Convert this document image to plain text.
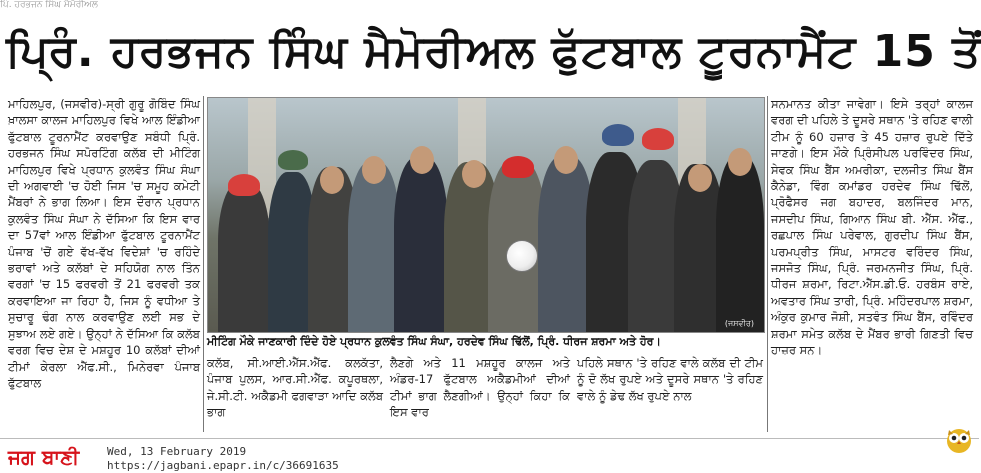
ਪਿੰ. ਹਰਭਜਨ ਸਿੰਘ ਮੈਮੋਰੀਅਲ
ਪ੍ਰਿੰ. ਹਰਭਜਨ ਸਿੰਘ ਮੈਮੋਰੀਅਲ ਫੁੱਟਬਾਲ ਟੂਰਨਾਮੈਂਟ 15 ਤੋਂ
ਮਾਹਿਲਪੁਰ, (ਜਸਵੀਰ)-ਸ੍ਰੀ ਗੁਰੂ ਗੋਬਿੰਦ ਸਿੰਘ ਖ਼ਾਲਸਾ ਕਾਲਜ ਮਾਹਿਲਪੁਰ ਵਿਖੇ ਆਲ ਇੰਡੀਆ ਫੁੱਟਬਾਲ ਟੂਰਨਾਮੈਂਟ ਕਰਵਾਉਣ ਸਬੰਧੀ ਪ੍ਰਿੰ. ਹਰਭਜਨ ਸਿੰਘ ਸਪੋਰਟਿੰਗ ਕਲੱਬ ਦੀ ਮੀਟਿੰਗ ਮਾਹਿਲਪੁਰ ਵਿਖੇ ਪ੍ਰਧਾਨ ਕੁਲਵੰਤ ਸਿੰਘ ਸੰਘਾ ਦੀ ਅਗਵਾਈ 'ਚ ਹੋਈ ਜਿਸ 'ਚ ਸਮੂਹ ਕਮੇਟੀ ਮੈਂਬਰਾਂ ਨੇ ਭਾਗ ਲਿਆ। ਇਸ ਦੌਰਾਨ ਪ੍ਰਧਾਨ ਕੁਲਵੰਤ ਸਿੰਘ ਸੰਘਾ ਨੇ ਦੱਸਿਆ ਕਿ ਇਸ ਵਾਰ ਦਾ 57ਵਾਂ ਆਲ ਇੰਡੀਆ ਫੁੱਟਬਾਲ ਟੂਰਨਾਮੈਂਟ ਪੰਜਾਬ 'ਚੋਂ ਗਏ ਵੱਖ-ਵੱਖ ਵਿਦੇਸ਼ਾਂ 'ਚ ਰਹਿੰਦੇ ਭਰਾਵਾਂ ਅਤੇ ਕਲੱਬਾਂ ਦੇ ਸਹਿਯੋਗ ਨਾਲ ਤਿੰਨ ਵਰਗਾਂ 'ਚ 15 ਫਰਵਰੀ ਤੋਂ 21 ਫਰਵਰੀ ਤਕ ਕਰਵਾਇਆ ਜਾ ਰਿਹਾ ਹੈ, ਜਿਸ ਨੂੰ ਵਧੀਆ ਤੇ ਸੁਚਾਰੂ ਢੰਗ ਨਾਲ ਕਰਵਾਉਣ ਲਈ ਸਭ ਦੇ ਸੁਝਾਅ ਲਏ ਗਏ। ਉਨ੍ਹਾਂ ਨੇ ਦੱਸਿਆ ਕਿ ਕਲੱਬ ਵਰਗ ਵਿਚ ਦੇਸ਼ ਦੇ ਮਸ਼ਹੂਰ 10 ਕਲੱਬਾਂ ਦੀਆਂ ਟੀਮਾਂ ਕੇਰਲਾ ਐੱਫ.ਸੀ., ਮਿਨੇਰਵਾ ਪੰਜਾਬ ਫੁੱਟਬਾਲ
(ਜਸਵੀਰ)
ਮੀਟਿੰਗ ਮੌਕੇ ਜਾਣਕਾਰੀ ਦਿੰਦੇ ਹੋਏ ਪ੍ਰਧਾਨ ਕੁਲਵੰਤ ਸਿੰਘ ਸੰਘਾ, ਹਰਦੇਵ ਸਿੰਘ ਢਿੱਲੋਂ, ਪ੍ਰਿੰ. ਧੀਰਜ ਸ਼ਰਮਾ ਅਤੇ ਹੋਰ।
ਕਲੱਬ, ਸੀ.ਆਈ.ਐੱਸ.ਐੱਫ. ਕਲਕੱਤਾ, ਪੰਜਾਬ ਪੁਲਸ, ਆਰ.ਸੀ.ਐੱਫ. ਕਪੂਰਥਲਾ, ਜੇ.ਸੀ.ਟੀ. ਅਕੈਡਮੀ ਫਗਵਾੜਾ ਆਦਿ ਕਲੱਬ ਭਾਗ
ਲੈਣਗੇ ਅਤੇ 11 ਮਸ਼ਹੂਰ ਕਾਲਜ ਅਤੇ ਅੰਡਰ-17 ਫੁੱਟਬਾਲ ਅਕੈਡਮੀਆਂ ਦੀਆਂ ਟੀਮਾਂ ਭਾਗ ਲੈਣਗੀਆਂ। ਉਨ੍ਹਾਂ ਕਿਹਾ ਕਿ ਇਸ ਵਾਰ
ਪਹਿਲੇ ਸਥਾਨ 'ਤੇ ਰਹਿਣ ਵਾਲੇ ਕਲੱਬ ਦੀ ਟੀਮ ਨੂੰ ਦੋ ਲੱਖ ਰੁਪਏ ਅਤੇ ਦੂਸਰੇ ਸਥਾਨ 'ਤੇ ਰਹਿਣ ਵਾਲੇ ਨੂੰ ਡੇਢ ਲੱਖ ਰੁਪਏ ਨਾਲ
ਸਨਮਾਨਤ ਕੀਤਾ ਜਾਵੇਗਾ। ਇਸੇ ਤਰ੍ਹਾਂ ਕਾਲਜ ਵਰਗ ਦੀ ਪਹਿਲੇ ਤੇ ਦੂਸਰੇ ਸਥਾਨ 'ਤੇ ਰਹਿਣ ਵਾਲੀ ਟੀਮ ਨੂੰ 60 ਹਜ਼ਾਰ ਤੇ 45 ਹਜ਼ਾਰ ਰੁਪਏ ਦਿੱਤੇ ਜਾਣਗੇ। ਇਸ ਮੌਕੇ ਪ੍ਰਿੰਸੀਪਲ ਪਰਵਿੰਦਰ ਸਿੰਘ, ਸੇਵਕ ਸਿੰਘ ਬੈਂਸ ਅਮਰੀਕਾ, ਦਲਜੀਤ ਸਿੰਘ ਬੈਂਸ ਕੈਨੇਡਾ, ਵਿੰਗ ਕਮਾਂਡਰ ਹਰਦੇਵ ਸਿੰਘ ਢਿੱਲੋਂ, ਪ੍ਰੋਫੈਸਰ ਜਗ ਬਹਾਦਰ, ਬਲਜਿੰਦਰ ਮਾਨ, ਜਸਦੀਪ ਸਿੰਘ, ਗਿਆਨ ਸਿੰਘ ਬੀ. ਐੱਸ. ਐੱਫ., ਰਛਪਾਲ ਸਿੰਘ ਪਰੇਵਾਲ, ਗੁਰਦੀਪ ਸਿੰਘ ਬੈਂਸ, ਪਰਮਪ੍ਰੀਤ ਸਿੰਘ, ਮਾਸਟਰ ਵਰਿੰਦਰ ਸਿੰਘ, ਜਸਜੋਤ ਸਿੰਘ, ਪ੍ਰਿੰ. ਜਰਮਨਜੀਤ ਸਿੰਘ, ਪ੍ਰਿੰ. ਧੀਰਜ ਸ਼ਰਮਾ, ਰਿਟਾ.ਐੱਸ.ਡੀ.ਓ. ਹਰਬੰਸ ਰਾਏ, ਅਵਤਾਰ ਸਿੰਘ ਤਾਰੀ, ਪ੍ਰਿੰ. ਮਹਿੰਦਰਪਾਲ ਸ਼ਰਮਾ, ਅੰਕੁਰ ਕੁਮਾਰ ਜੋਸ਼ੀ, ਸਤਵੰਤ ਸਿੰਘ ਬੈਂਸ, ਰਵਿੰਦਰ ਸ਼ਰਮਾ ਸਮੇਤ ਕਲੱਬ ਦੇ ਮੈਂਬਰ ਭਾਰੀ ਗਿਣਤੀ ਵਿਚ ਹਾਜ਼ਰ ਸਨ।
ਜਗ ਬਾਣੀ	Wed, 13 February 2019
https://jagbani.epapr.in/c/36691635
